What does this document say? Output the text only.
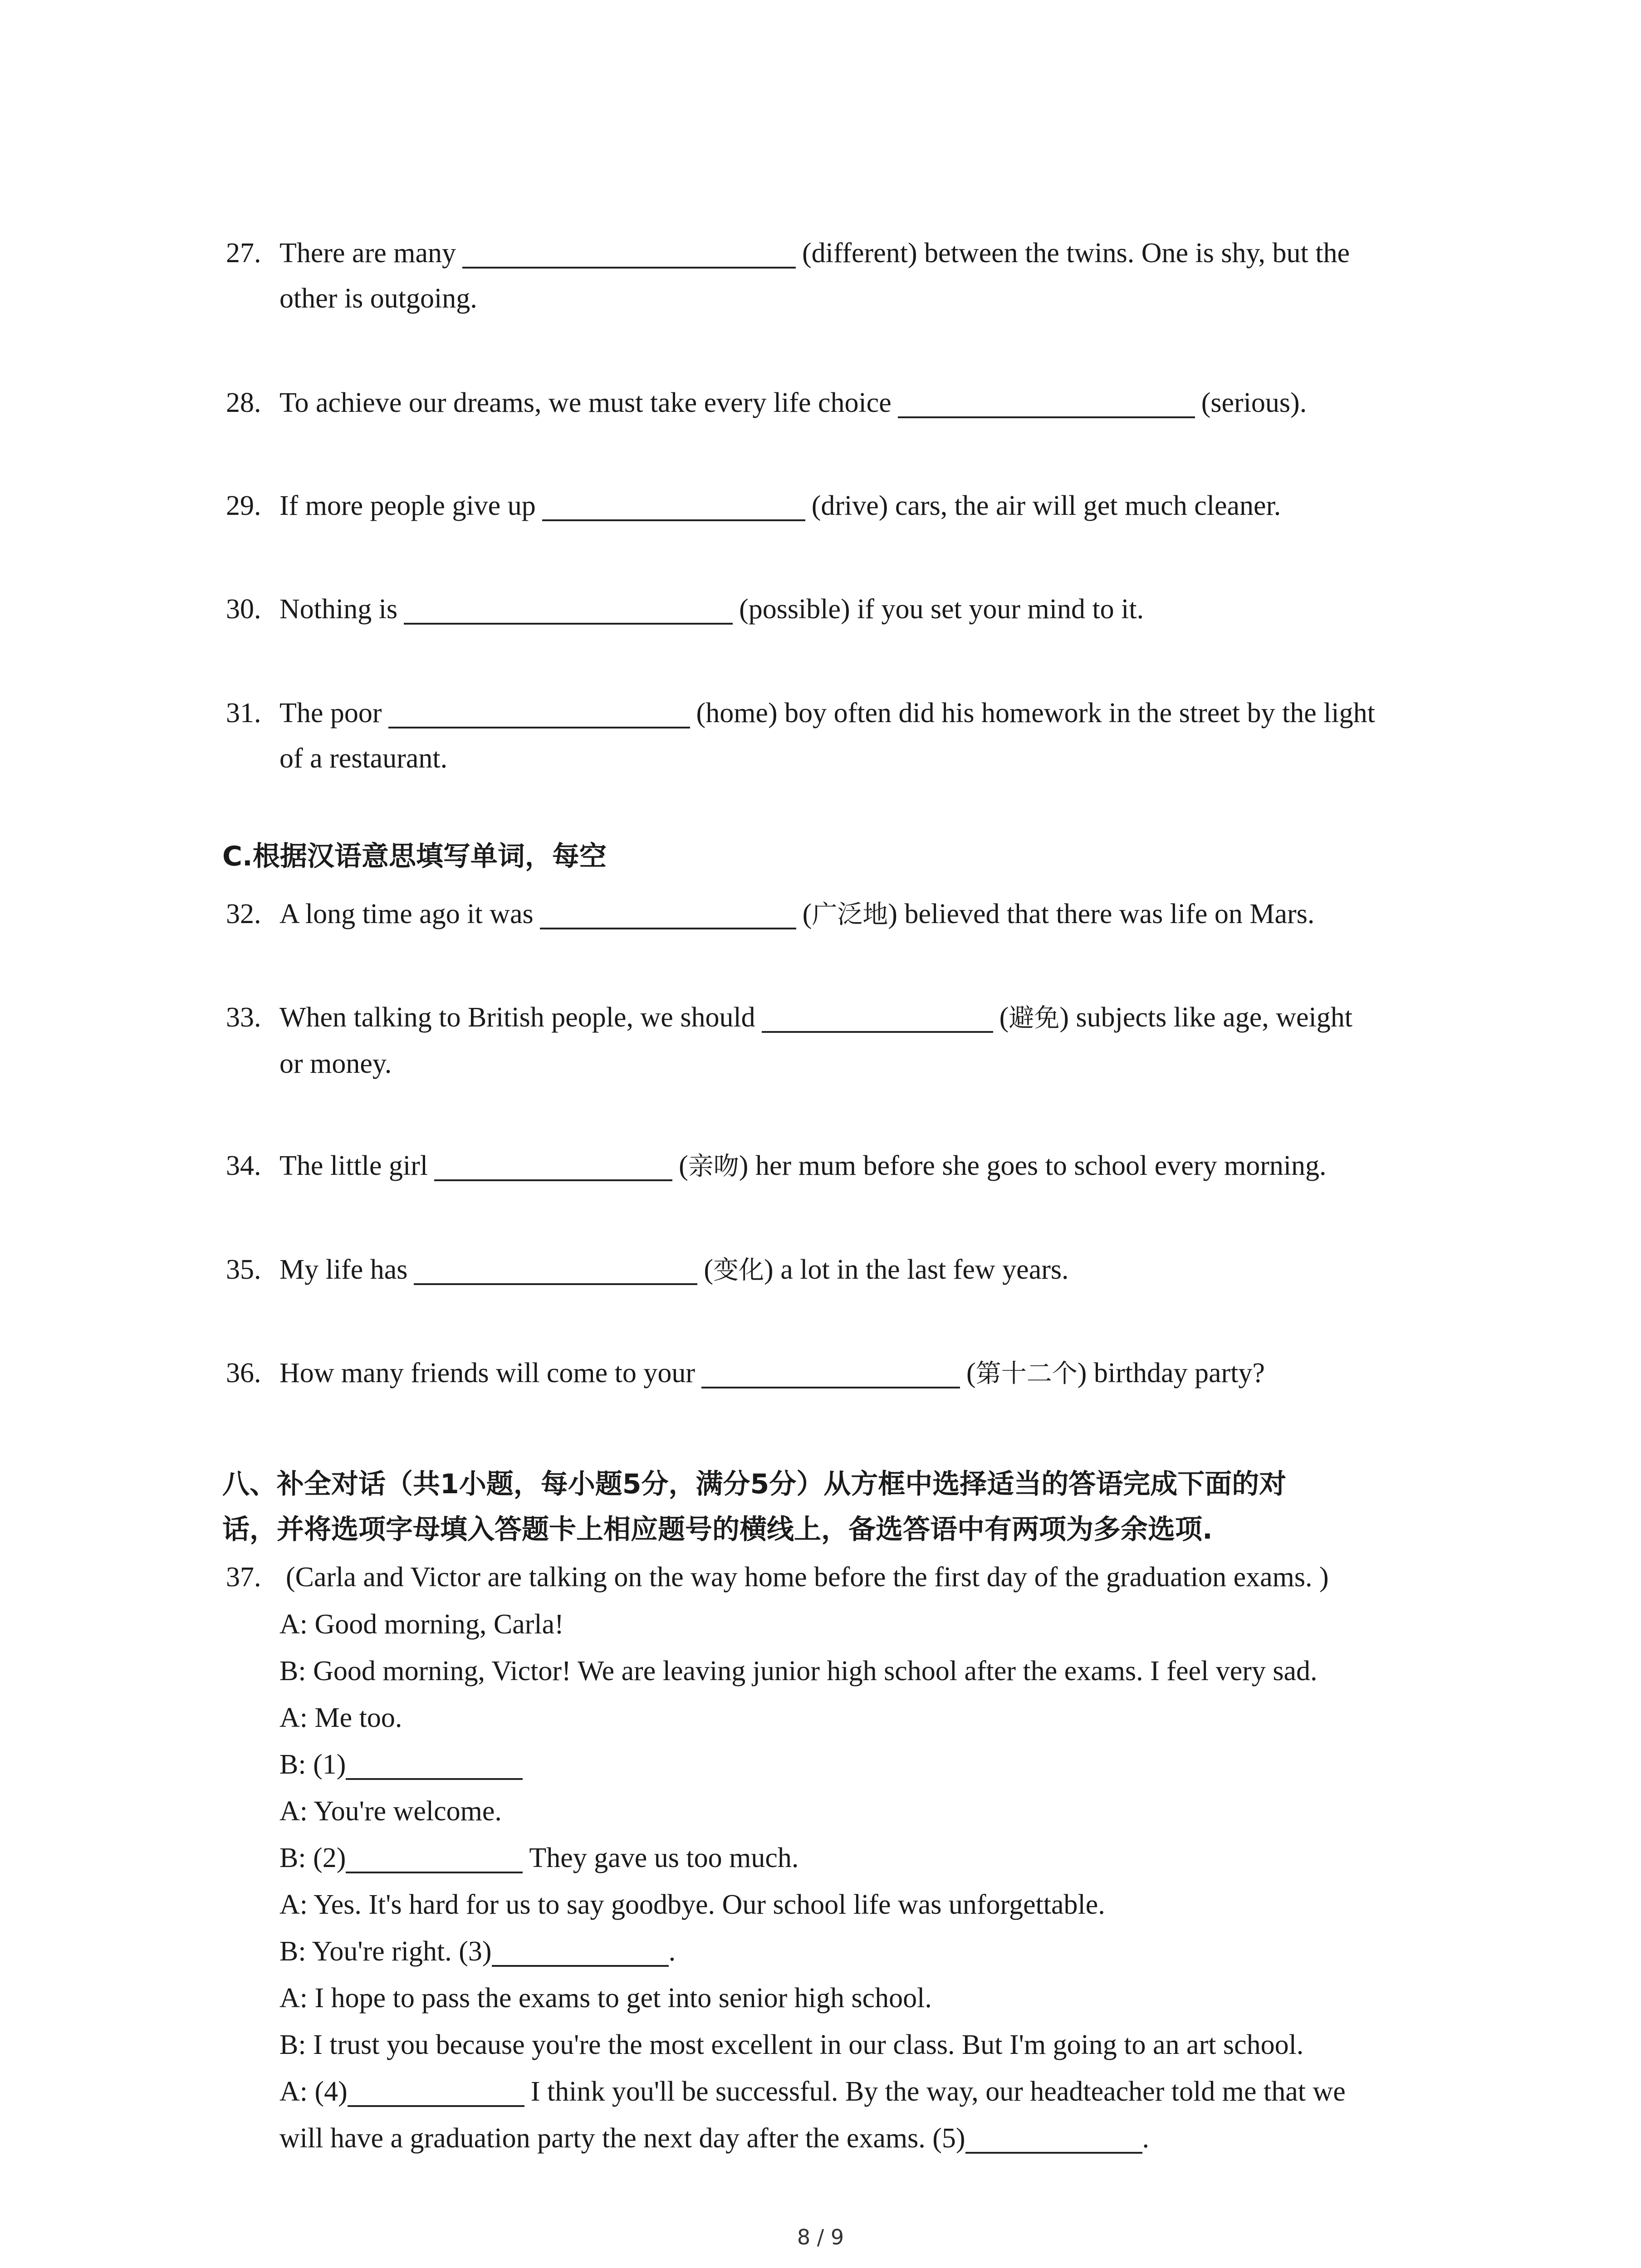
27. There are many	(different) between the twins. One is shy, but the
other is outgoing.
28. To achieve our dreams, we must take every life choice	(serious).
29. If more people give up	(drive) cars, the air will get much cleaner.
30. Nothing is	(possible) if you set your mind to it.
31. The poor	(home) boy often did his homework in the street by the light
of a restaurant.
C.根据汉语意思填写单词，每空
32. A long time ago it was	(广泛地) believed that there was life on Mars.
33. When talking to British people, we should	(避免) subjects like age, weight
or money.
34. The little girl	(亲吻) her mum before she goes to school every morning.
35. My life has	(变化) a lot in the last few years.
36. How many friends will come to your	(第十二个) birthday party?
八、补全对话（共1小题，每小题5分，满分5分）从方框中选择适当的答语完成下面的对
话，并将选项字母填入答题卡上相应题号的横线上，备选答语中有两项为多余选项.
37. (Carla and Victor are talking on the way home before the first day of the graduation exams. )
A: Good morning, Carla!
B: Good morning, Victor! We are leaving junior high school after the exams. I feel very sad.
A: Me too.
B: (1)
A: You're welcome.
B: (2)	They gave us too much.
A: Yes. It's hard for us to say goodbye. Our school life was unforgettable.
B: You're right. (3)	.
A: I hope to pass the exams to get into senior high school.
B: I trust you because you're the most excellent in our class. But I'm going to an art school.
A: (4)	I think you'll be successful. By the way, our headteacher told me that we
will have a graduation party the next day after the exams. (5)	.
8 / 9
